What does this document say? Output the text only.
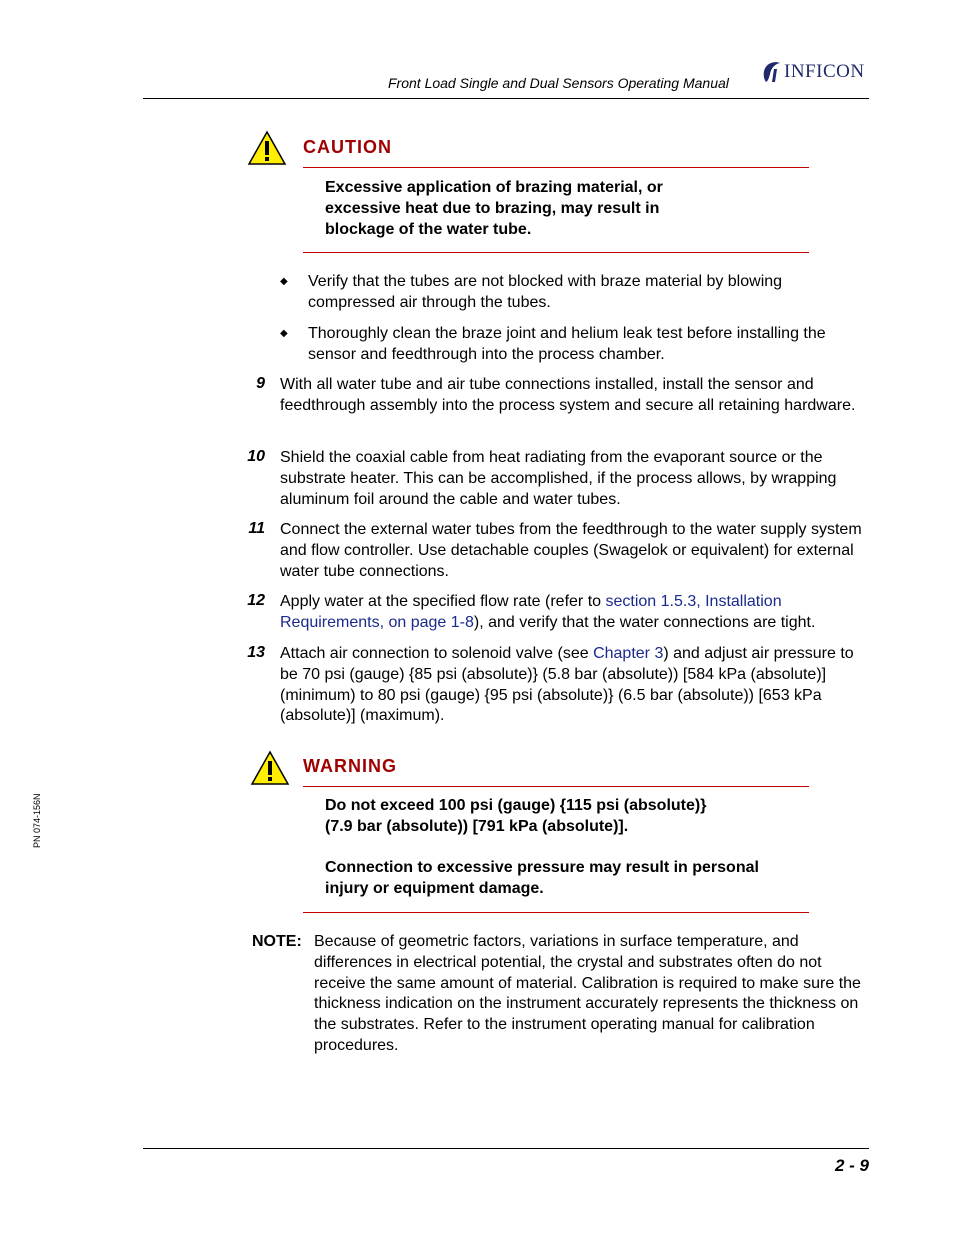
Front Load Single and Dual Sensors Operating Manual
INFICON
CAUTION
Excessive application of brazing material, or excessive heat due to brazing, may result in blockage of the water tube.
◆ Verify that the tubes are not blocked with braze material by blowing compressed air through the tubes.
◆ Thoroughly clean the braze joint and helium leak test before installing the sensor and feedthrough into the process chamber.
9 With all water tube and air tube connections installed, install the sensor and feedthrough assembly into the process system and secure all retaining hardware.
10 Shield the coaxial cable from heat radiating from the evaporant source or the substrate heater. This can be accomplished, if the process allows, by wrapping aluminum foil around the cable and water tubes.
11 Connect the external water tubes from the feedthrough to the water supply system and flow controller. Use detachable couples (Swagelok or equivalent) for external water tube connections.
12 Apply water at the specified flow rate (refer to section 1.5.3, Installation Requirements, on page 1-8), and verify that the water connections are tight.
13 Attach air connection to solenoid valve (see Chapter 3) and adjust air pressure to be 70 psi (gauge) {85 psi (absolute)} (5.8 bar (absolute)) [584 kPa (absolute)] (minimum) to 80 psi (gauge) {95 psi (absolute)} (6.5 bar (absolute)) [653 kPa (absolute)] (maximum).
WARNING
Do not exceed 100 psi (gauge) {115 psi (absolute)}
(7.9 bar (absolute)) [791 kPa (absolute)].
Connection to excessive pressure may result in personal injury or equipment damage.
NOTE: Because of geometric factors, variations in surface temperature, and differences in electrical potential, the crystal and substrates often do not receive the same amount of material. Calibration is required to make sure the thickness indication on the instrument accurately represents the thickness on the substrates. Refer to the instrument operating manual for calibration procedures.
PN 074-156N
2 - 9
